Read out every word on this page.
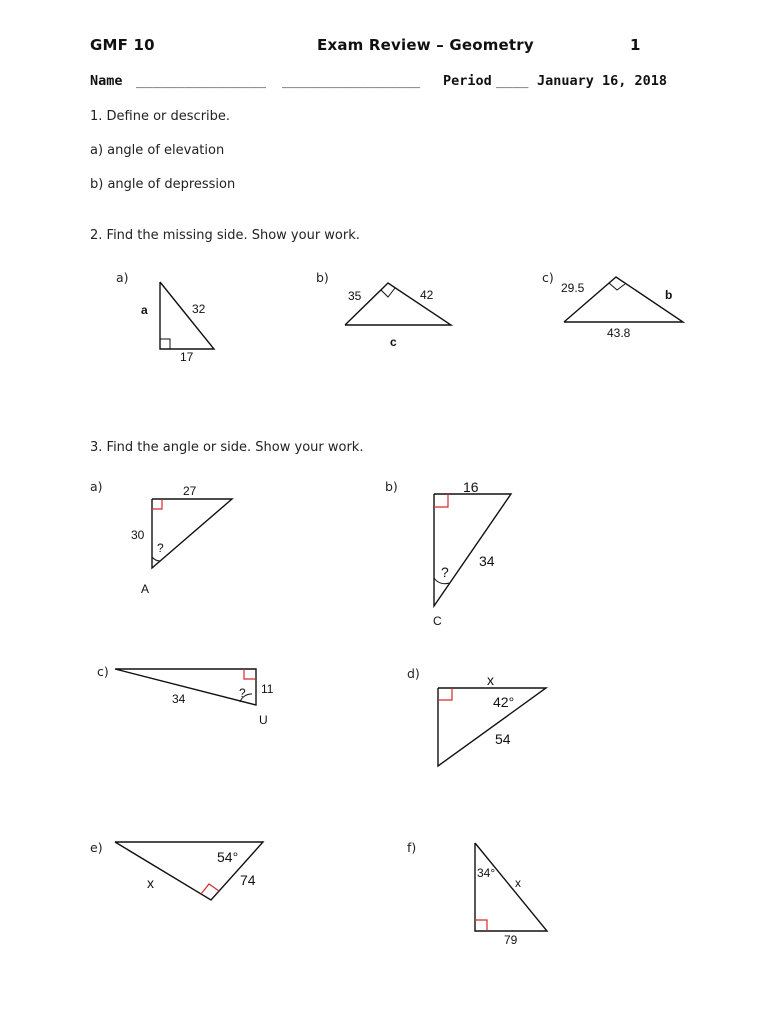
GMF 10	Exam Review – Geometry	1
Name ________________ _________________ Period ____ January 16, 2018
1. Define or describe.
a) angle of elevation
b) angle of depression
2. Find the missing side. Show your work.
a)
a	32
17
b)
35	42
c
c)
29.5	b
43.8
3. Find the angle or side. Show your work.
a)	27
30
?
A
b)	16
34
?
C
c)
34
11
?
U
d)	x
42°
54
e)
54°
x	74
f)
34°
x
79
